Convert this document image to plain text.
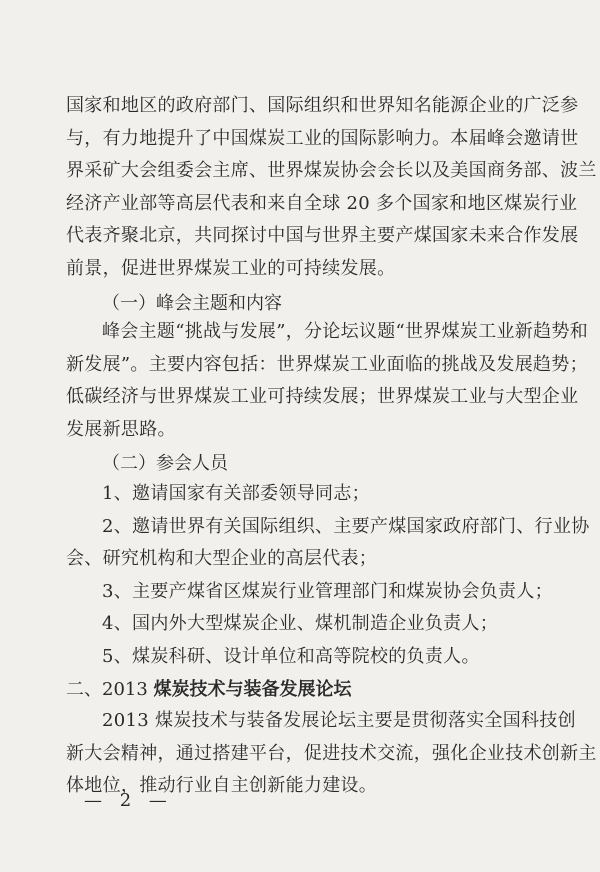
国家和地区的政府部门、国际组织和世界知名能源企业的广泛参
与，有力地提升了中国煤炭工业的国际影响力。本届峰会邀请世
界采矿大会组委会主席、世界煤炭协会会长以及美国商务部、波兰
经济产业部等高层代表和来自全球 20 多个国家和地区煤炭行业
代表齐聚北京，共同探讨中国与世界主要产煤国家未来合作发展
前景，促进世界煤炭工业的可持续发展。
（一）峰会主题和内容
峰会主题“挑战与发展”，分论坛议题“世界煤炭工业新趋势和
新发展”。主要内容包括：世界煤炭工业面临的挑战及发展趋势；
低碳经济与世界煤炭工业可持续发展；世界煤炭工业与大型企业
发展新思路。
（二）参会人员
1、邀请国家有关部委领导同志；
2、邀请世界有关国际组织、主要产煤国家政府部门、行业协
会、研究机构和大型企业的高层代表；
3、主要产煤省区煤炭行业管理部门和煤炭协会负责人；
4、国内外大型煤炭企业、煤机制造企业负责人；
5、煤炭科研、设计单位和高等院校的负责人。
二、2013 煤炭技术与装备发展论坛
2013 煤炭技术与装备发展论坛主要是贯彻落实全国科技创
新大会精神，通过搭建平台，促进技术交流，强化企业技术创新主
体地位，推动行业自主创新能力建设。
— 2 —
